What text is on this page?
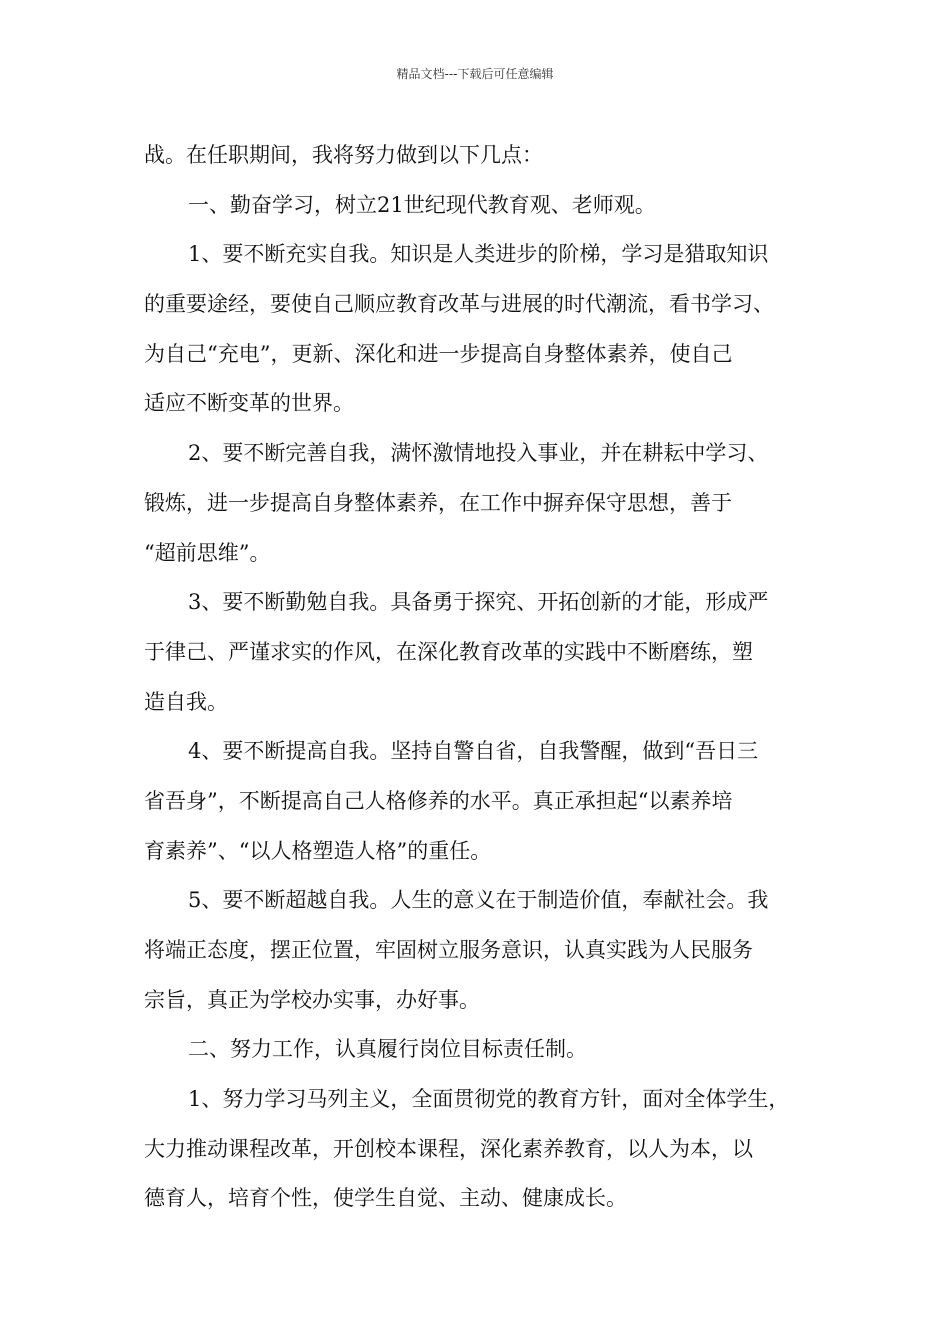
精品文档---下载后可任意编辑
战。在任职期间，我将努力做到以下几点：
一、勤奋学习，树立21世纪现代教育观、老师观。
1、要不断充实自我。知识是人类进步的阶梯，学习是猎取知识
的重要途经，要使自己顺应教育改革与进展的时代潮流，看书学习、
为自己“充电”，更新、深化和进一步提高自身整体素养，使自己
适应不断变革的世界。
2、要不断完善自我，满怀激情地投入事业，并在耕耘中学习、
锻炼，进一步提高自身整体素养，在工作中摒弃保守思想，善于
“超前思维”。
3、要不断勤勉自我。具备勇于探究、开拓创新的才能，形成严
于律己、严谨求实的作风，在深化教育改革的实践中不断磨练，塑
造自我。
4、要不断提高自我。坚持自警自省，自我警醒，做到“吾日三
省吾身”，不断提高自己人格修养的水平。真正承担起“以素养培
育素养”、“以人格塑造人格”的重任。
5、要不断超越自我。人生的意义在于制造价值，奉献社会。我
将端正态度，摆正位置，牢固树立服务意识，认真实践为人民服务
宗旨，真正为学校办实事，办好事。
二、努力工作，认真履行岗位目标责任制。
1、努力学习马列主义，全面贯彻党的教育方针，面对全体学生，
大力推动课程改革，开创校本课程，深化素养教育，以人为本，以
德育人，培育个性，使学生自觉、主动、健康成长。
